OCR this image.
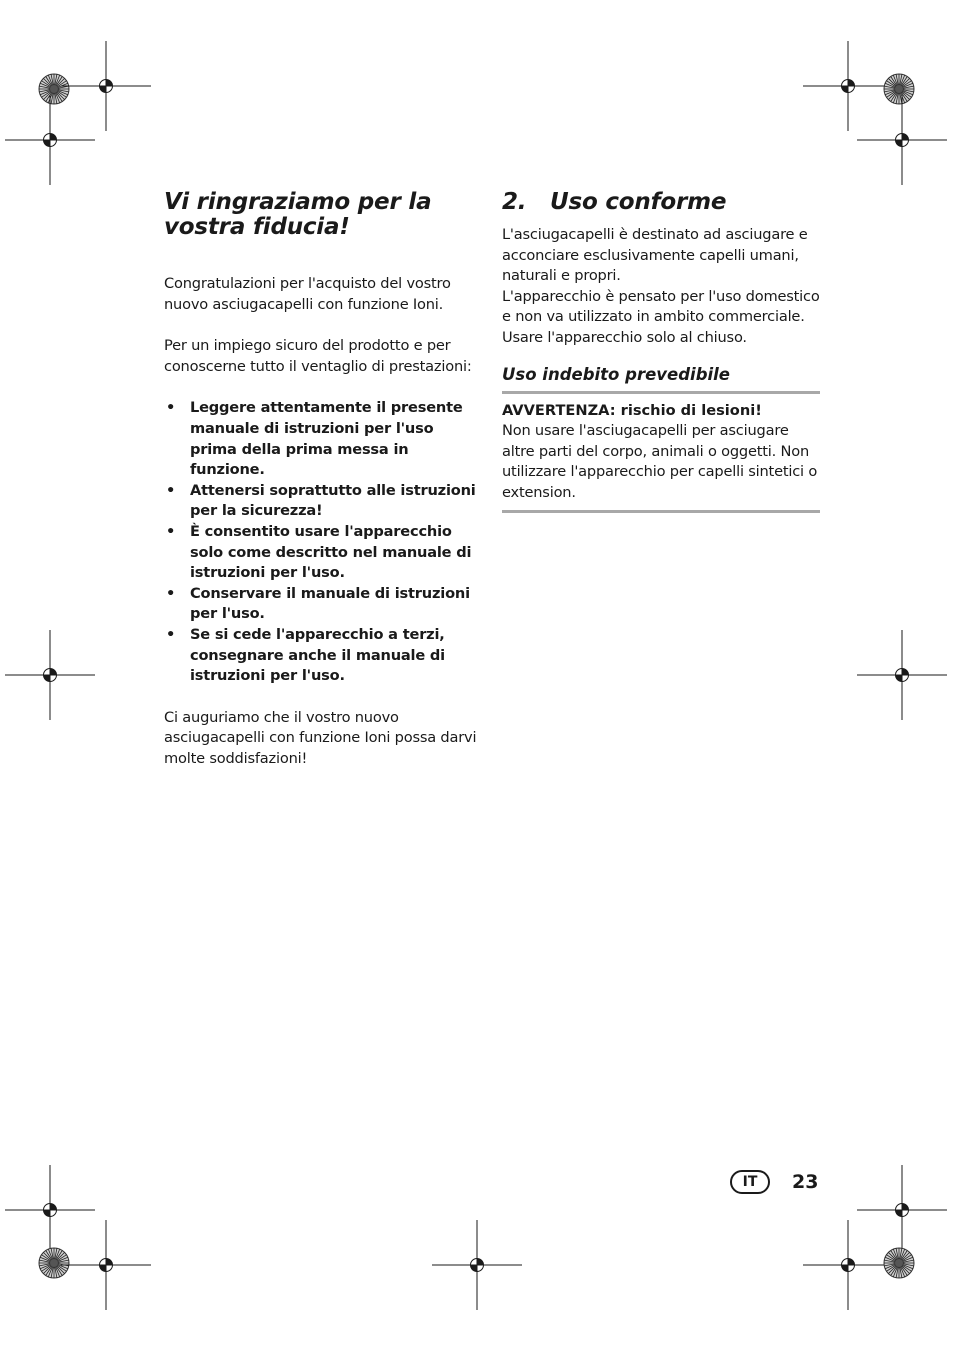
Vi ringraziamo per la vostra fiducia!

Congratulazioni per l'acquisto del vostro nuovo asciugacapelli con funzione Ioni.

Per un impiego sicuro del prodotto e per conoscerne tutto il ventaglio di prestazioni:

• Leggere attentamente il presente manuale di istruzioni per l'uso prima della prima messa in funzione.
• Attenersi soprattutto alle istruzioni per la sicurezza!
• È consentito usare l'apparecchio solo come descritto nel manuale di istruzioni per l'uso.
• Conservare il manuale di istruzioni per l'uso.
• Se si cede l'apparecchio a terzi, consegnare anche il manuale di istruzioni per l'uso.

Ci auguriamo che il vostro nuovo asciugacapelli con funzione Ioni possa darvi molte soddisfazioni!

2.	Uso conforme

L'asciugacapelli è destinato ad asciugare e acconciare esclusivamente capelli umani, naturali e propri.

L'apparecchio è pensato per l'uso domestico e non va utilizzato in ambito commerciale. Usare l'apparecchio solo al chiuso.

Uso indebito prevedibile

AVVERTENZA: rischio di lesioni!

Non usare l'asciugacapelli per asciugare altre parti del corpo, animali o oggetti. Non utilizzare l'apparecchio per capelli sintetici o extension.

IT	23
